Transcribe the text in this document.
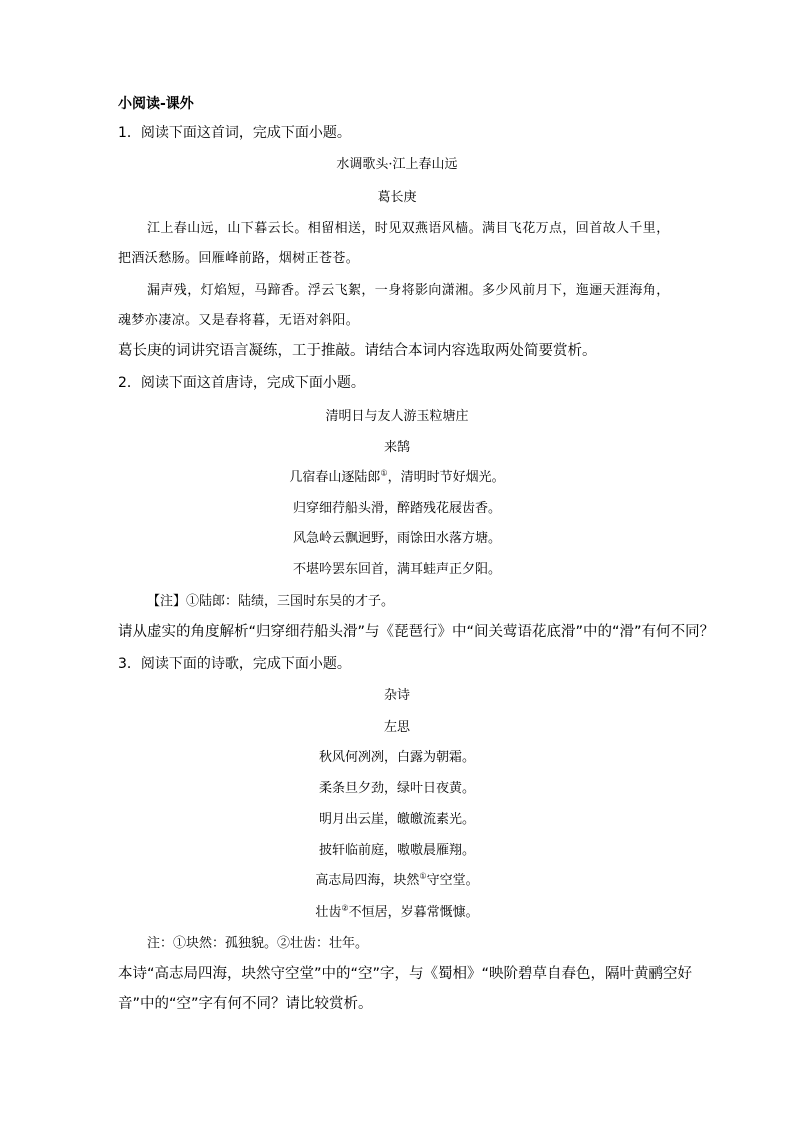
小阅读-课外
1．阅读下面这首词，完成下面小题。
水调歌头·江上春山远
葛长庚
江上春山远，山下暮云长。相留相送，时见双燕语风樯。满目飞花万点，回首故人千里，
把酒沃愁肠。回雁峰前路，烟树正苍苍。
漏声残，灯焰短，马蹄香。浮云飞絮，一身将影向潇湘。多少风前月下，迤逦天涯海角，
魂梦亦凄凉。又是春将暮，无语对斜阳。
葛长庚的词讲究语言凝练，工于推敲。请结合本词内容选取两处简要赏析。
2．阅读下面这首唐诗，完成下面小题。
清明日与友人游玉粒塘庄
来鹄
几宿春山逐陆郎①，清明时节好烟光。
归穿细荇船头滑，醉踏残花屐齿香。
风急岭云飘迥野，雨馀田水落方塘。
不堪吟罢东回首，满耳蛙声正夕阳。
【注】①陆郎：陆绩，三国时东吴的才子。
请从虚实的角度解析“归穿细荇船头滑”与《琵琶行》中“间关莺语花底滑”中的“滑”有何不同？
3．阅读下面的诗歌，完成下面小题。
杂诗
左思
秋风何冽冽，白露为朝霜。
柔条旦夕劲，绿叶日夜黄。
明月出云崖，皦皦流素光。
披轩临前庭，嗷嗷晨雁翔。
高志局四海，块然①守空堂。
壮齿②不恒居，岁暮常慨慷。
注：①块然：孤独貌。②壮齿：壮年。
本诗“高志局四海，块然守空堂”中的“空”字，与《蜀相》“映阶碧草自春色，隔叶黄鹂空好
音”中的“空”字有何不同？请比较赏析。
